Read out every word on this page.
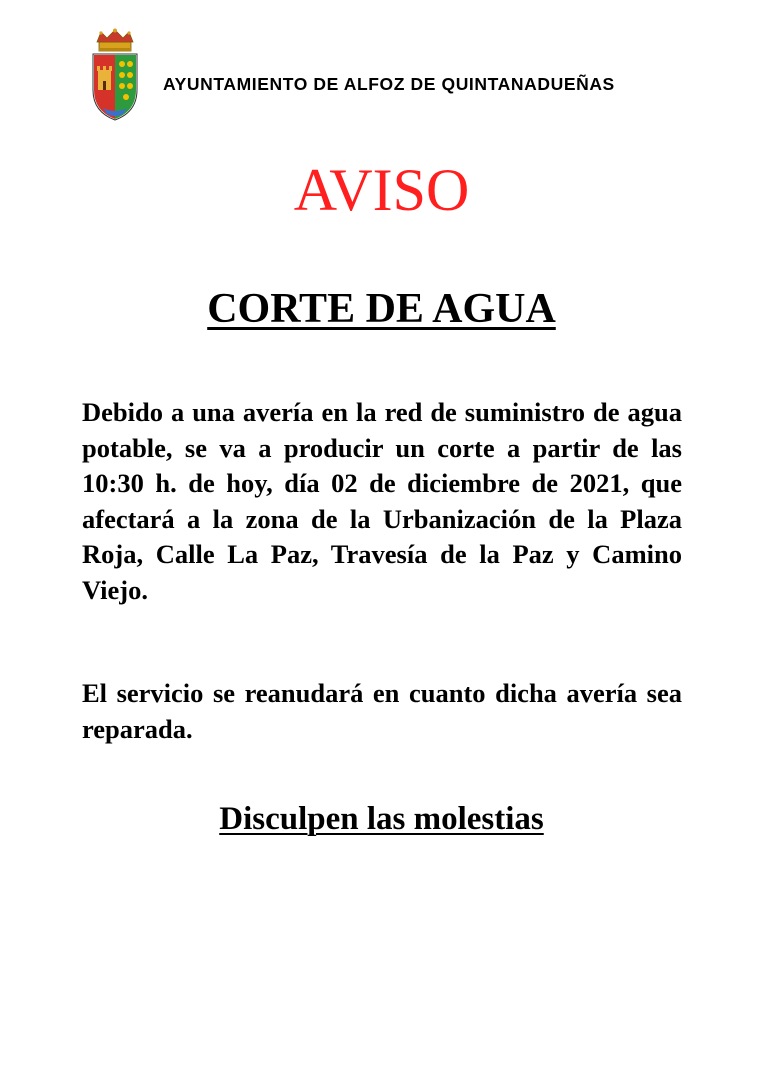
AYUNTAMIENTO DE ALFOZ DE QUINTANADUEÑAS
AVISO
CORTE DE AGUA
Debido a una avería en la red de suministro de agua potable, se va a producir un corte a partir de las 10:30 h. de hoy, día 02 de diciembre de 2021, que afectará a la zona de la Urbanización de la Plaza Roja, Calle La Paz, Travesía de la Paz y Camino Viejo.
El servicio se reanudará en cuanto dicha avería sea reparada.
Disculpen las molestias
